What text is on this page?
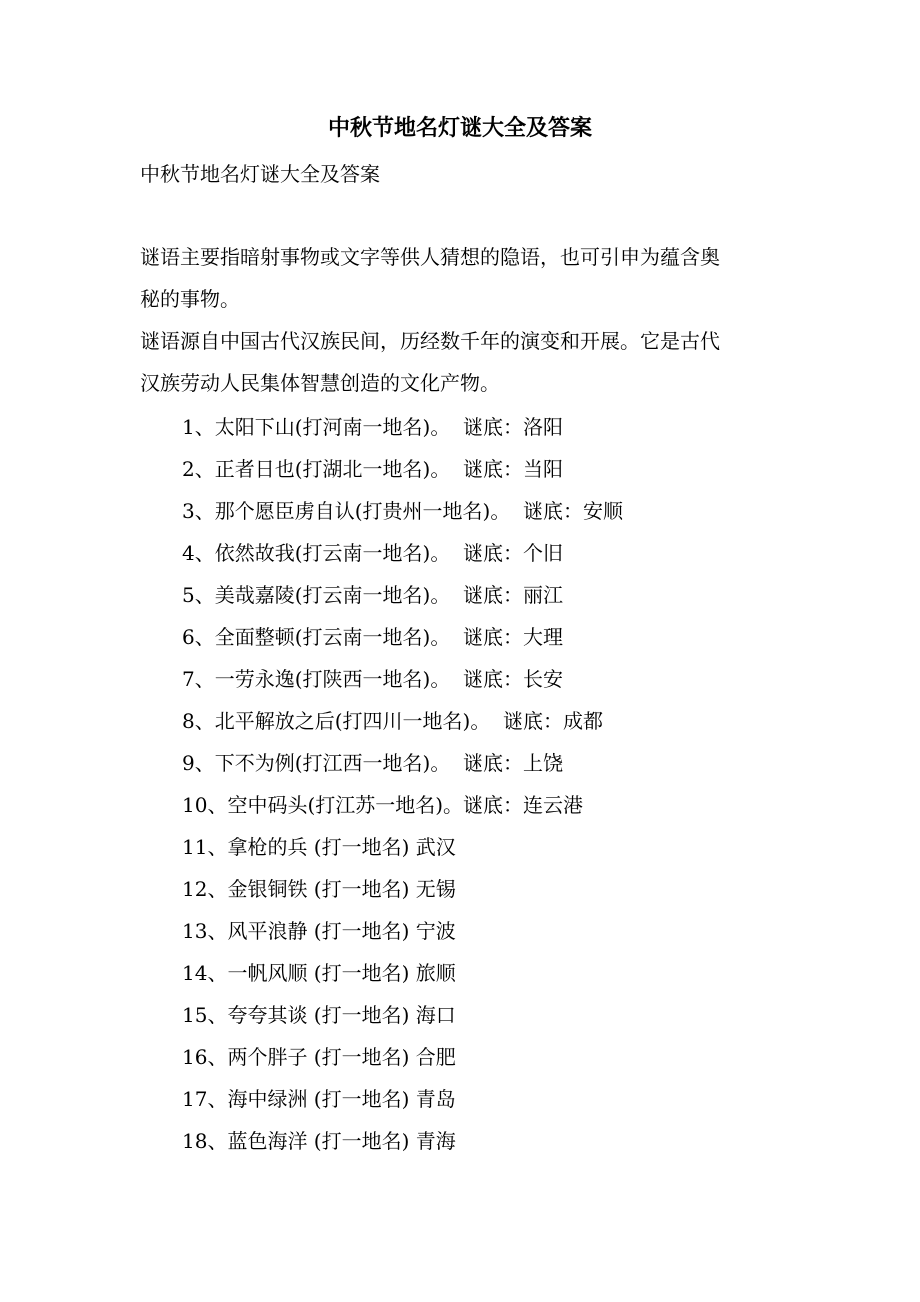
中秋节地名灯谜大全及答案

中秋节地名灯谜大全及答案

谜语主要指暗射事物或文字等供人猜想的隐语，也可引申为蕴含奥

秘的事物。

谜语源自中国古代汉族民间，历经数千年的演变和开展。它是古代

汉族劳动人民集体智慧创造的文化产物。

1、太阳下山(打河南一地名)。  谜底：洛阳
2、正者日也(打湖北一地名)。  谜底：当阳
3、那个愿臣虏自认(打贵州一地名)。  谜底：安顺
4、依然故我(打云南一地名)。  谜底：个旧
5、美哉嘉陵(打云南一地名)。  谜底：丽江
6、全面整顿(打云南一地名)。  谜底：大理
7、一劳永逸(打陕西一地名)。  谜底：长安
8、北平解放之后(打四川一地名)。  谜底：成都
9、下不为例(打江西一地名)。  谜底：上饶
10、空中码头(打江苏一地名)。谜底：连云港
11、拿枪的兵 (打一地名) 武汉
12、金银铜铁 (打一地名) 无锡
13、风平浪静 (打一地名) 宁波
14、一帆风顺 (打一地名) 旅顺
15、夸夸其谈 (打一地名) 海口
16、两个胖子 (打一地名) 合肥
17、海中绿洲 (打一地名) 青岛
18、蓝色海洋 (打一地名) 青海
